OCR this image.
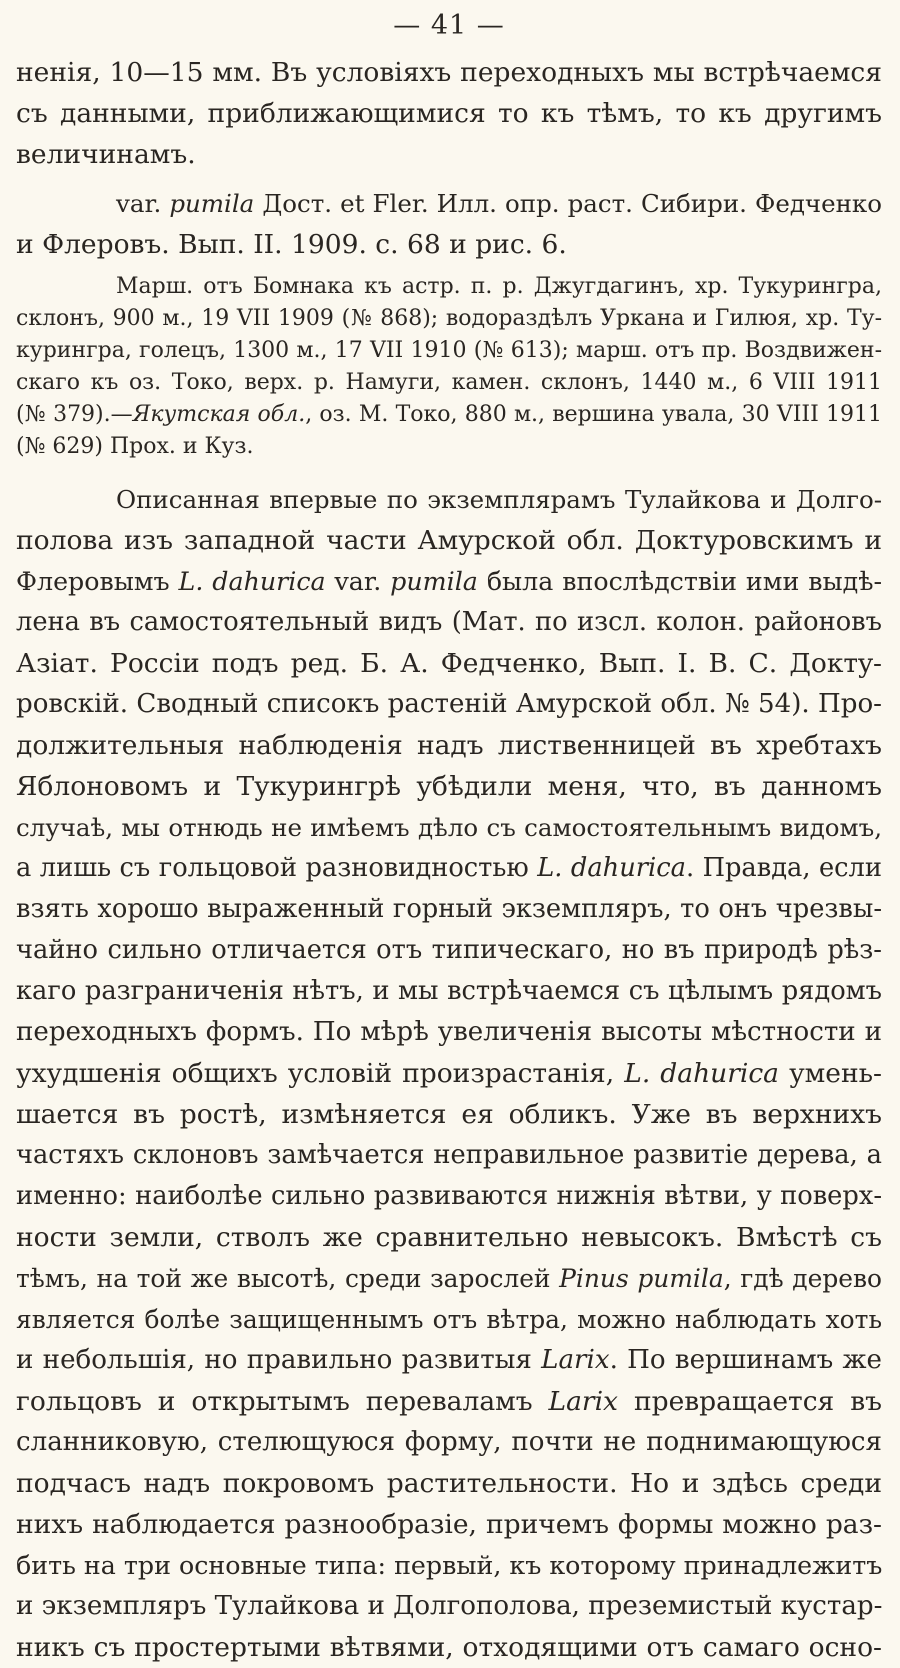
— 41 —
ненія, 10—15 мм. Въ условіяхъ переходныхъ мы встрѣчаемся
съ данными, приближающимися то къ тѣмъ, то къ другимъ
величинамъ.
var. pumila Доcт. et Fler. Илл. опр. раст. Сибири. Федченко
и Флеровъ. Вып. II. 1909. с. 68 и рис. 6.
Марш. отъ Бомнака къ астр. п. р. Джугдагинъ, хр. Тукурингра,
склонъ, 900 м., 19 VII 1909 (№ 868); водораздѣлъ Уркана и Гилюя, хр. Ту-
курингра, голецъ, 1300 м., 17 VII 1910 (№ 613); марш. отъ пр. Воздвижен-
скаго къ оз. Токо, верх. р. Намуги, камен. склонъ, 1440 м., 6 VIII 1911
(№ 379).—Якутская обл., оз. М. Токо, 880 м., вершина увала, 30 VIII 1911
(№ 629) Прох. и Куз.
Описанная впервые по экземплярамъ Тулайкова и Долго-
полова изъ западной части Амурской обл. Доктуровскимъ и
Флеровымъ L. dahurica var. pumila была впослѣдствіи ими выдѣ-
лена въ самостоятельный видъ (Мат. по изсл. колон. районовъ
Азіат. Россіи подъ ред. Б. А. Федченко, Вып. I. В. С. Доктy-
ровскій. Сводный списокъ растеній Амурской обл. № 54). Про-
должительныя наблюденія надъ лиственницей въ хребтахъ
Яблоновомъ и Тукурингрѣ убѣдили меня, что, въ данномъ
случаѣ, мы отнюдь не имѣемъ дѣло съ самостоятельнымъ видомъ,
а лишь съ гольцовой разновидностью L. dahurica. Правда, если
взять хорошо выраженный горный экземпляръ, то онъ чрезвы-
чайно сильно отличается отъ типическаго, но въ природѣ рѣз-
каго разграниченія нѣтъ, и мы встрѣчаемся съ цѣлымъ рядомъ
переходныхъ формъ. По мѣрѣ увеличенія высоты мѣстности и
ухудшенія общихъ условій произрастанія, L. dahurica умень-
шается въ ростѣ, измѣняется ея обликъ. Уже въ верхнихъ
частяхъ склоновъ замѣчается неправильное развитіе дерева, а
именно: наиболѣе сильно развиваются нижнія вѣтви, у поверх-
ности земли, стволъ же сравнительно невысокъ. Вмѣстѣ съ
тѣмъ, на той же высотѣ, среди зарослей Pinus pumila, гдѣ дерево
является болѣе защищеннымъ отъ вѣтра, можно наблюдать хоть
и небольшія, но правильно развитыя Larix. По вершинамъ же
гольцовъ и открытымъ переваламъ Larix превращается въ
сланниковую, стелющуюся форму, почти не поднимающуюся
подчасъ надъ покровомъ растительности. Но и здѣсь среди
нихъ наблюдается разнообразіе, причемъ формы можно раз-
бить на три основные типа: первый, къ которому принадлежитъ
и экземпляръ Тулайкова и Долгополова, преземистый кустар-
никъ съ простертыми вѣтвями, отходящими отъ самаго осно-
